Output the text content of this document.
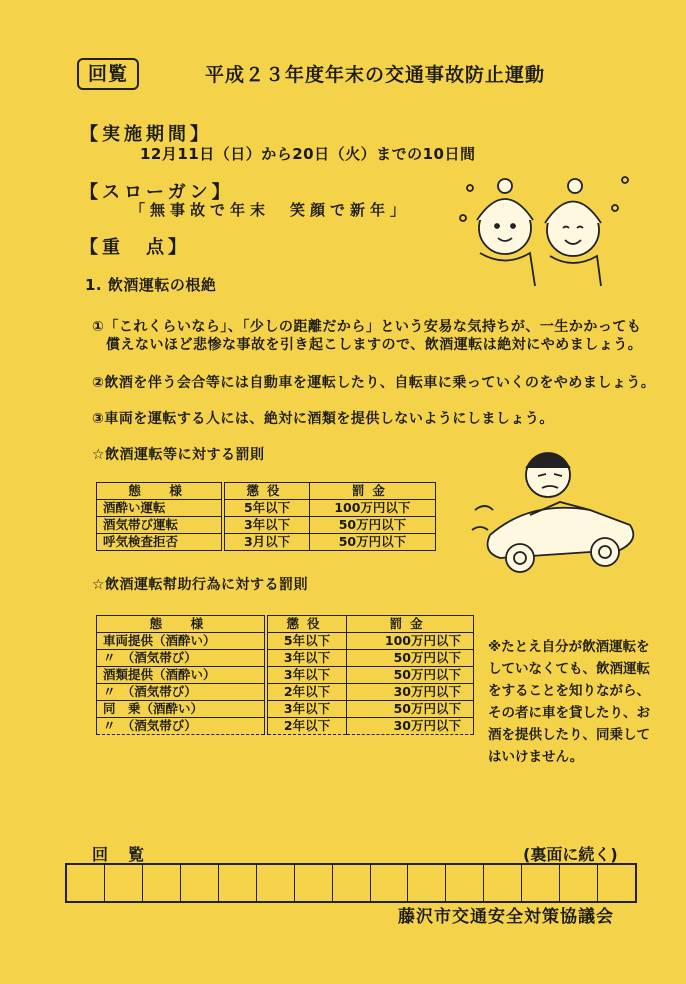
回覧	平成２３年度年末の交通事故防止運動
【実施期間】
12月11日（日）から20日（火）までの10日間
【スローガン】
「無事故で年末　笑顔で新年」
【重　点】
1. 飲酒運転の根絶
①「これくらいなら」、「少しの距離だから」という安易な気持ちが、一生かかっても
償えないほど悲惨な事故を引き起こしますので、飲酒運転は絶対にやめましょう。
②飲酒を伴う会合等には自動車を運転したり、自転車に乗っていくのをやめましょう。
③車両を運転する人には、絶対に酒類を提供しないようにしましょう。
☆飲酒運転等に対する罰則
態　様	懲役	罰金
酒酔い運転	5年以下	100万円以下
酒気帯び運転	3年以下	50万円以下
呼気検査拒否	3月以下	50万円以下
☆飲酒運転幇助行為に対する罰則
態　様	懲役	罰金
車両提供（酒酔い）	5年以下	100万円以下
〃　（酒気帯び）	3年以下	50万円以下
酒類提供（酒酔い）	3年以下	50万円以下
〃　（酒気帯び）	2年以下	30万円以下
同　乗（酒酔い）	3年以下	50万円以下
〃　（酒気帯び）	2年以下	30万円以下
※たとえ自分が飲酒運転をしていなくても、飲酒運転をすることを知りながら、その者に車を貸したり、お酒を提供したり、同乗してはいけません。
回覧	(裏面に続く)
藤沢市交通安全対策協議会
